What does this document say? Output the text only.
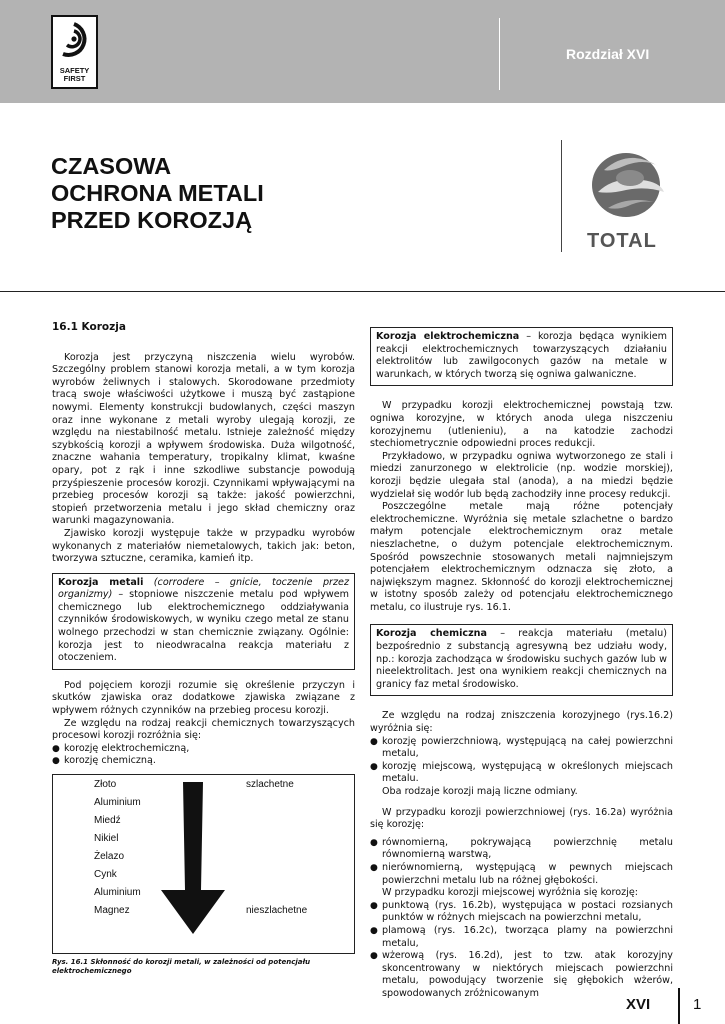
SAFETY
FIRST
Rozdział XVI
CZASOWA
OCHRONA METALI
PRZED KOROZJĄ
TOTAL
16.1 Korozja

Korozja jest przyczyną niszczenia wielu wyrobów. Szczególny problem stanowi korozja metali, a w tym korozja wyrobów żeliwnych i stalowych. Skorodowane przedmioty tracą swoje właściwości użytkowe i muszą być zastąpione nowymi. Elementy konstrukcji budowlanych, części maszyn oraz inne wykonane z metali wyroby ulegają korozji, ze względu na niestabilność metalu. Istnieje zależność między szybkością korozji a wpływem środowiska. Duża wilgotność, znaczne wahania temperatury, tropikalny klimat, kwaśne opary, pot z rąk i inne szkodliwe substancje powodują przyśpieszenie procesów korozji. Czynnikami wpływającymi na przebieg procesów korozji są także: jakość powierzchni, stopień przetworzenia metalu i jego skład chemiczny oraz warunki magazynowania.

Zjawisko korozji występuje także w przypadku wyrobów wykonanych z materiałów niemetalowych, takich jak: beton, tworzywa sztuczne, ceramika, kamień itp.

Korozja metali (corrodere – gnicie, toczenie przez organizmy) – stopniowe niszczenie metalu pod wpływem chemicznego lub elektrochemicznego oddziaływania czynników środowiskowych, w wyniku czego metal ze stanu wolnego przechodzi w stan chemicznie związany. Ogólnie: korozja jest to nieodwracalna reakcja materiału z otoczeniem.

Pod pojęciem korozji rozumie się określenie przyczyn i skutków zjawiska oraz dodatkowe zjawiska związane z wpływem różnych czynników na przebieg procesu korozji.

Ze względu na rodzaj reakcji chemicznych towarzyszących procesowi korozji rozróżnia się:

● korozję elektrochemiczną,
● korozję chemiczną.
Złoto
Aluminium
Miedź
Nikiel
Żelazo
Cynk
Aluminium
Magnez
szlachetne
nieszlachetne
Rys. 16.1 Skłonność do korozji metali, w zależności od potencjału elektrochemicznego
Korozja elektrochemiczna – korozja będąca wynikiem reakcji elektrochemicznych towarzyszących działaniu elektrolitów lub zawilgoconych gazów na metale w warunkach, w których tworzą się ogniwa galwaniczne.

W przypadku korozji elektrochemicznej powstają tzw. ogniwa korozyjne, w których anoda ulega niszczeniu korozyjnemu (utlenieniu), a na katodzie zachodzi stechiometrycznie odpowiedni proces redukcji.

Przykładowo, w przypadku ogniwa wytworzonego ze stali i miedzi zanurzonego w elektrolicie (np. wodzie morskiej), korozji będzie ulegała stal (anoda), a na miedzi będzie wydzielał się wodór lub będą zachodziły inne procesy redukcji.

Poszczególne metale mają różne potencjały elektrochemiczne. Wyróżnia się metale szlachetne o bardzo małym potencjale elektrochemicznym oraz metale nieszlachetne, o dużym potencjale elektrochemicznym. Spośród powszechnie stosowanych metali najmniejszym potencjałem elektrochemicznym odznacza się złoto, a największym magnez. Skłonność do korozji elektrochemicznej w istotny sposób zależy od potencjału elektrochemicznego metalu, co ilustruje rys. 16.1.

Korozja chemiczna – reakcja materiału (metalu) bezpośrednio z substancją agresywną bez udziału wody, np.: korozja zachodząca w środowisku suchych gazów lub w nieelektrolitach. Jest ona wynikiem reakcji chemicznych na granicy faz metal środowisko.

Ze względu na rodzaj zniszczenia korozyjnego (rys.16.2) wyróżnia się:

● korozję powierzchniową, występującą na całej powierzchni metalu,
● korozję miejscową, występującą w określonych miejscach metalu.

Oba rodzaje korozji mają liczne odmiany.

W przypadku korozji powierzchniowej (rys. 16.2a) wyróżnia się korozję:

● równomierną, pokrywającą powierzchnię metalu równomierną warstwą,
● nierównomierną, występującą w pewnych miejscach powierzchni metalu lub na różnej głębokości.

W przypadku korozji miejscowej wyróżnia się korozję:

● punktową (rys. 16.2b), występująca w postaci rozsianych punktów w różnych miejscach na powierzchni metalu,
● plamową (rys. 16.2c), tworząca plamy na powierzchni metalu,
● wżerową (rys. 16.2d), jest to tzw. atak korozyjny skoncentrowany w niektórych miejscach powierzchni metalu, powodujący tworzenie się głębokich wżerów, spowodowanych zróżnicowanym
XVI	1
